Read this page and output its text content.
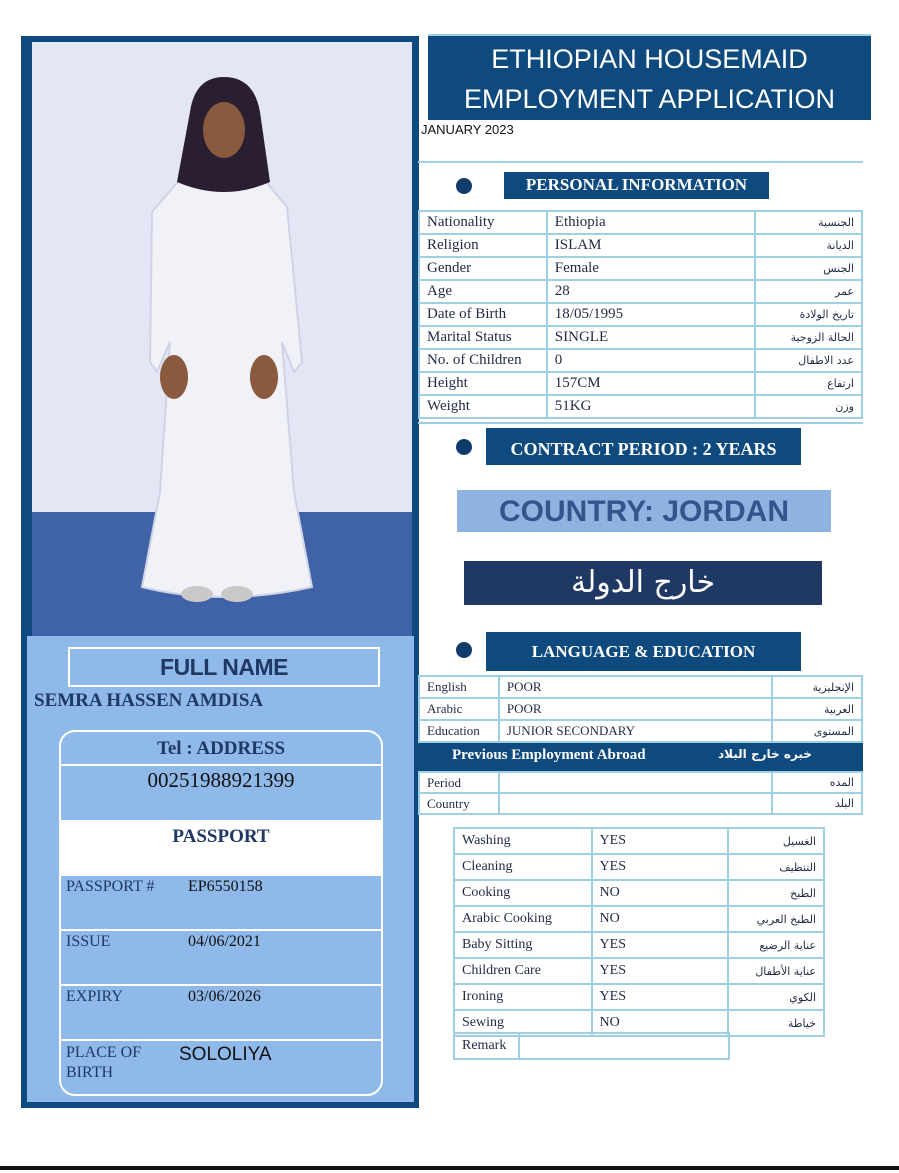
FULL NAME
SEMRA HASSEN AMDISA
Tel : ADDRESS
00251988921399
PASSPORT
PASSPORT # EP6550158
ISSUE	04/06/2021
EXPIRY	03/06/2026
PLACE OF
BIRTH
SOLOLIYA
ETHIOPIAN HOUSEMAID
EMPLOYMENT APPLICATION
JANUARY 2023
PERSONAL INFORMATION
Nationality	Ethiopia	الجنسية
Religion	ISLAM	الديانة
Gender	Female	الجنس
Age	28	عمر
Date of Birth	18/05/1995	تاريخ الولادة
Marital Status	SINGLE	الحالة الزوجية
No. of Children	0	عدد الاطفال
Height	157CM	ارتفاع
Weight	51KG	وزن
CONTRACT PERIOD : 2 YEARS
COUNTRY: JORDAN
خارج الدولة
LANGUAGE & EDUCATION
English	POOR	الإنجليزية
Arabic	POOR	العربية
Education	JUNIOR SECONDARY	المستوى
Previous Employment Abroad	خبره خارج البلاد
Period		المده
Country		البلد
Washing	YES	الغسيل
Cleaning	YES	التنظيف
Cooking	NO	الطبخ
Arabic Cooking	NO	الطبخ العربي
Baby Sitting	YES	عناية الرضيع
Children Care	YES	عناية الأطفال
Ironing	YES	الكوي
Sewing	NO	خياطة
Remark	
